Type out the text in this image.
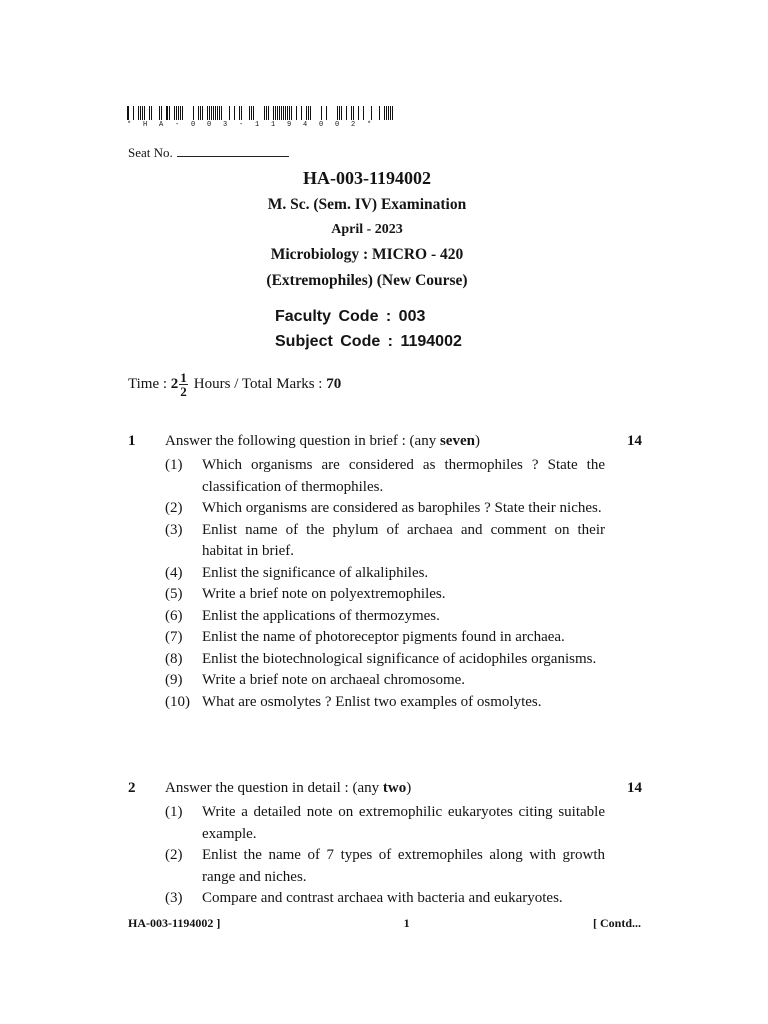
* H A - 0 0 3 - 1 1 9 4 0 0 2 *
Seat No.
HA-003-1194002
M. Sc. (Sem. IV) Examination
April - 2023
Microbiology : MICRO - 420
(Extremophiles) (New Course)
Faculty Code : 003
Subject Code : 1194002
Time :
$2 \frac{1}{2}$ Hours / Total Marks :
70
1	Answer the following question in brief : (any seven)	14
(1)	Which organisms are considered as thermophiles ? State the classification of thermophiles.
(2)	Which organisms are considered as barophiles ? State their niches.
(3)	Enlist name of the phylum of archaea and comment on their habitat in brief.
(4)	Enlist the significance of alkaliphiles.
(5)	Write a brief note on polyextremophiles.
(6)	Enlist the applications of thermozymes.
(7)	Enlist the name of photoreceptor pigments found in archaea.
(8)	Enlist the biotechnological significance of acidophiles organisms.
(9)	Write a brief note on archaeal chromosome.
(10) What are osmolytes ? Enlist two examples of osmolytes.
2	Answer the question in detail : (any two)	14
(1)	Write a detailed note on extremophilic eukaryotes citing suitable example.
(2)	Enlist the name of 7 types of extremophiles along with growth range and niches.
(3)	Compare and contrast archaea with bacteria and eukaryotes.
HA-003-1194002 ]	1	[ Contd...
